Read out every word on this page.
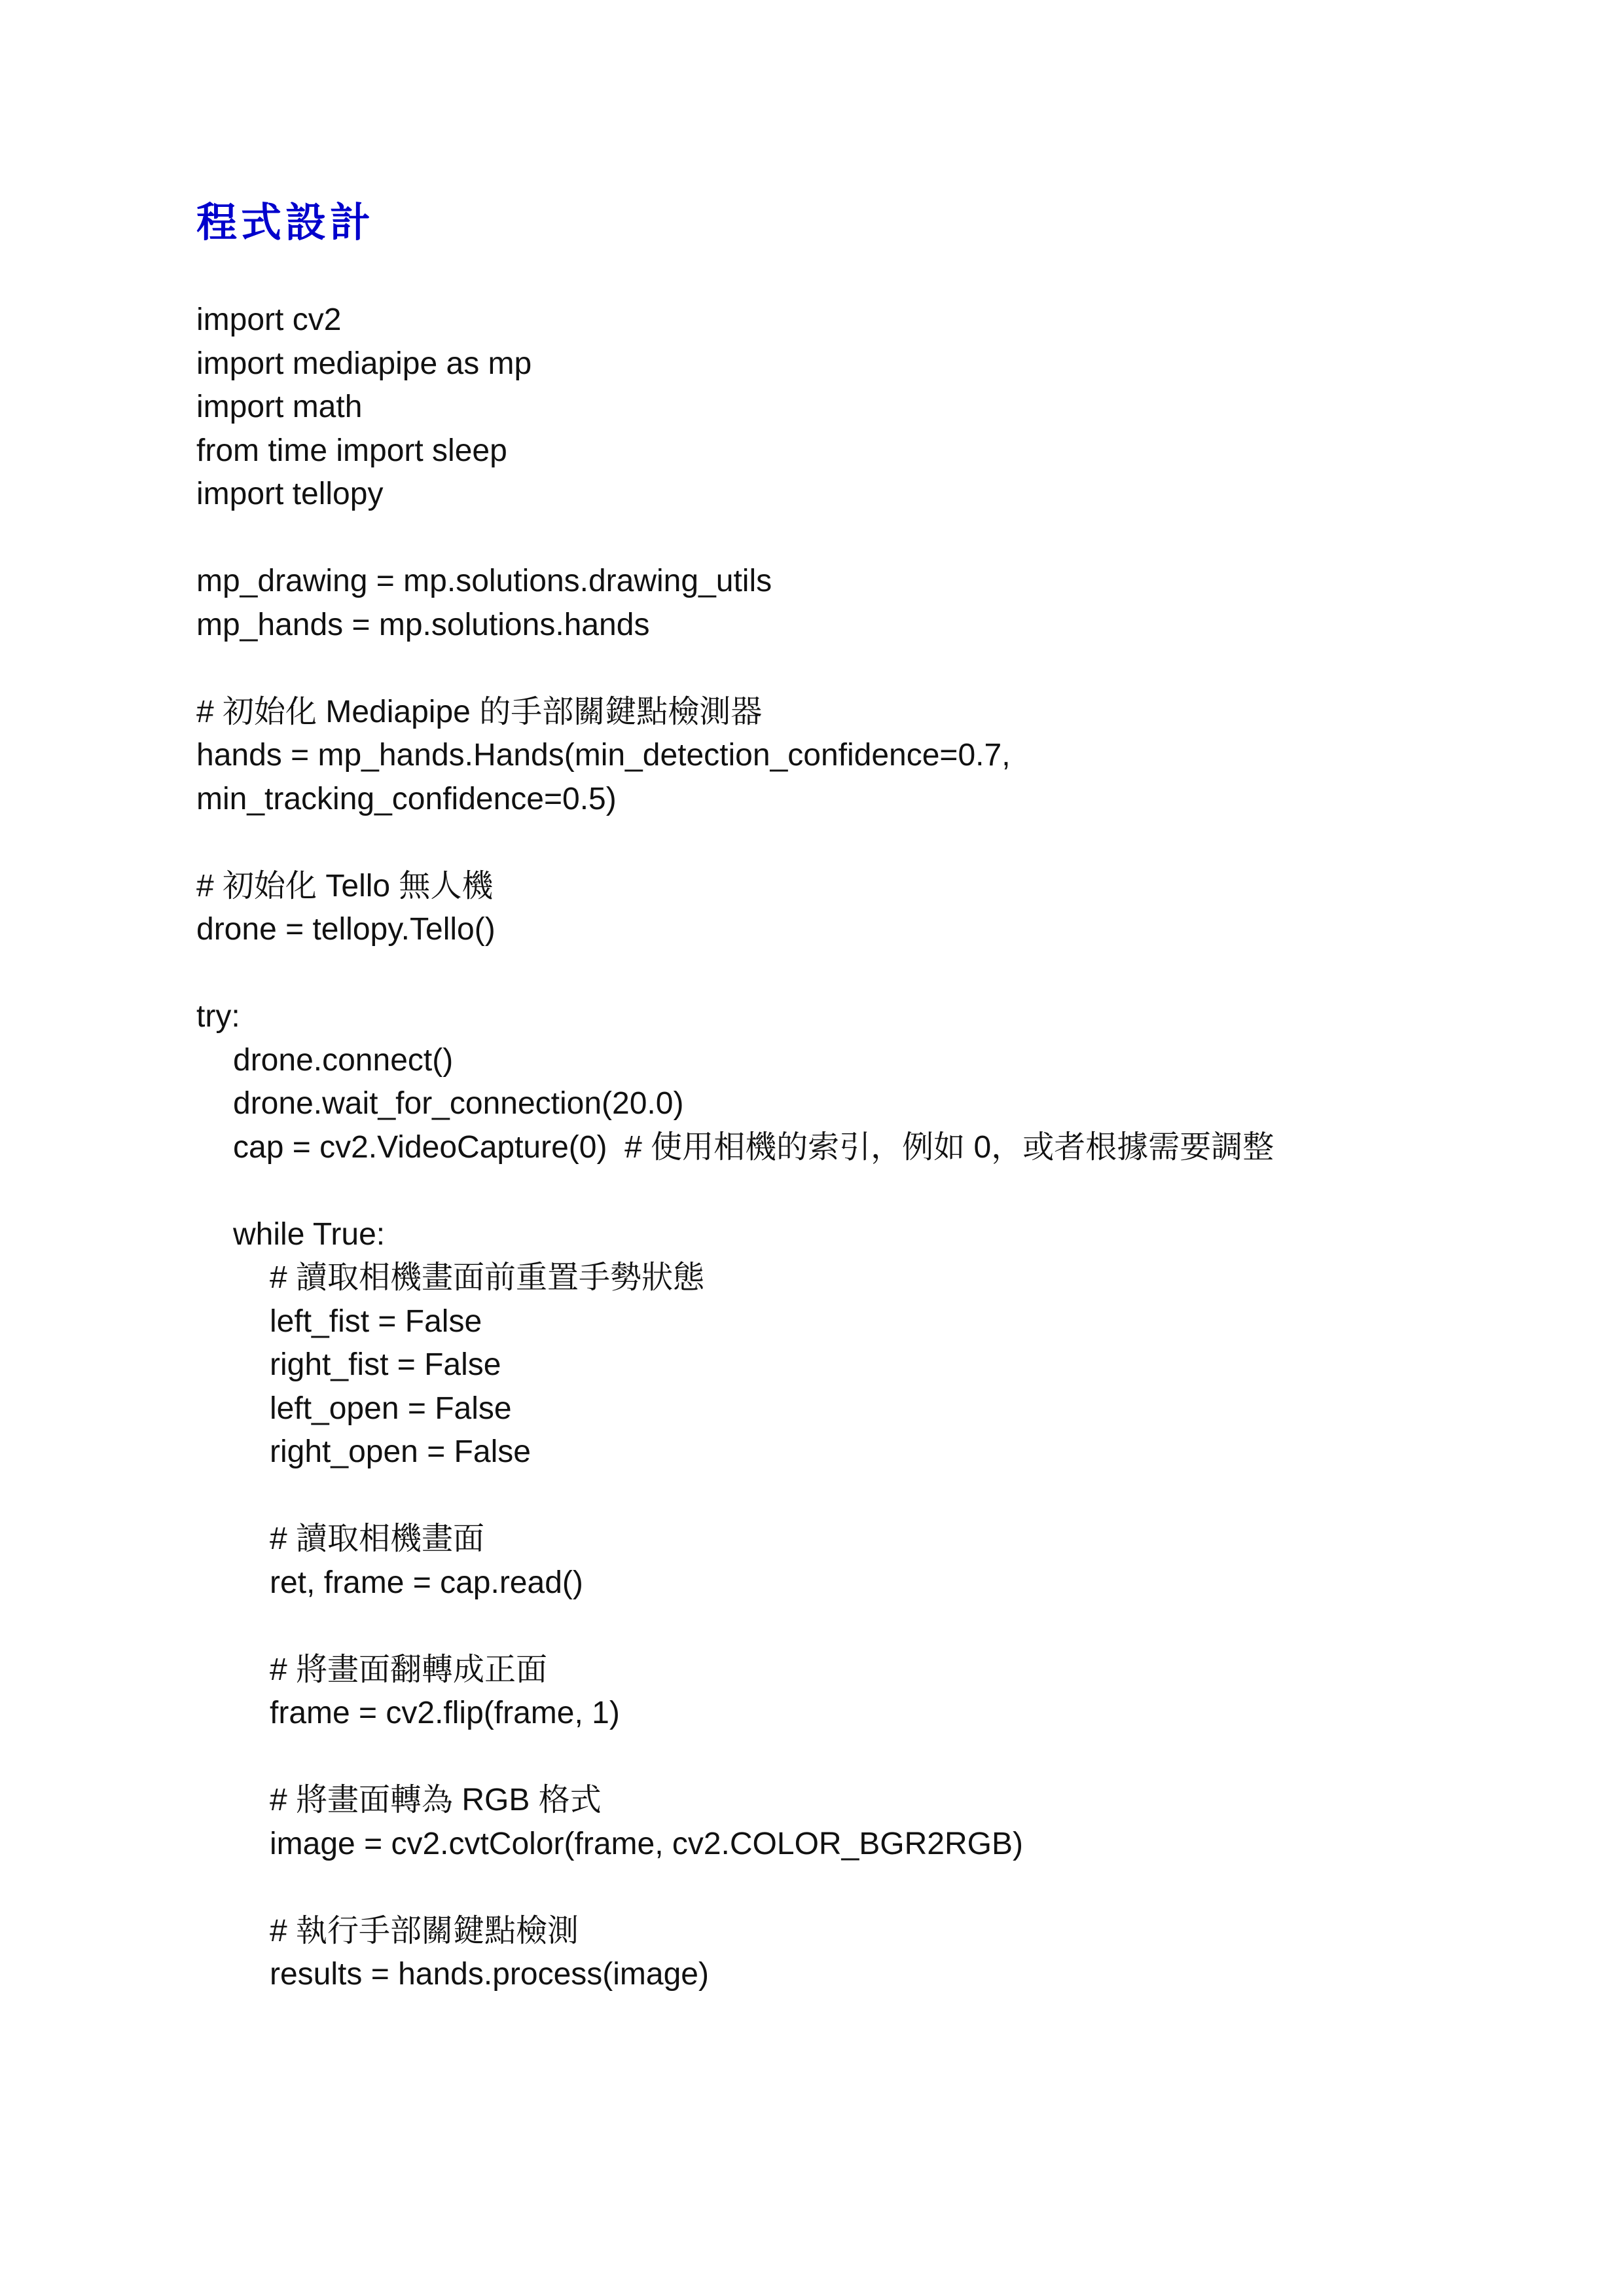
程式設計
import cv2
import mediapipe as mp
import math
from time import sleep
import tellopy
mp_drawing = mp.solutions.drawing_utils
mp_hands = mp.solutions.hands
# 初始化 Mediapipe 的手部關鍵點檢測器
hands = mp_hands.Hands(min_detection_confidence=0.7,
min_tracking_confidence=0.5)
# 初始化 Tello 無人機
drone = tellopy.Tello()
try:
drone.connect()
drone.wait_for_connection(20.0)
cap = cv2.VideoCapture(0)  # 使用相機的索引，例如 0，或者根據需要調整
while True:
# 讀取相機畫面前重置手勢狀態
left_fist = False
right_fist = False
left_open = False
right_open = False
# 讀取相機畫面
ret, frame = cap.read()
# 將畫面翻轉成正面
frame = cv2.flip(frame, 1)
# 將畫面轉為 RGB 格式
image = cv2.cvtColor(frame, cv2.COLOR_BGR2RGB)
# 執行手部關鍵點檢測
results = hands.process(image)
